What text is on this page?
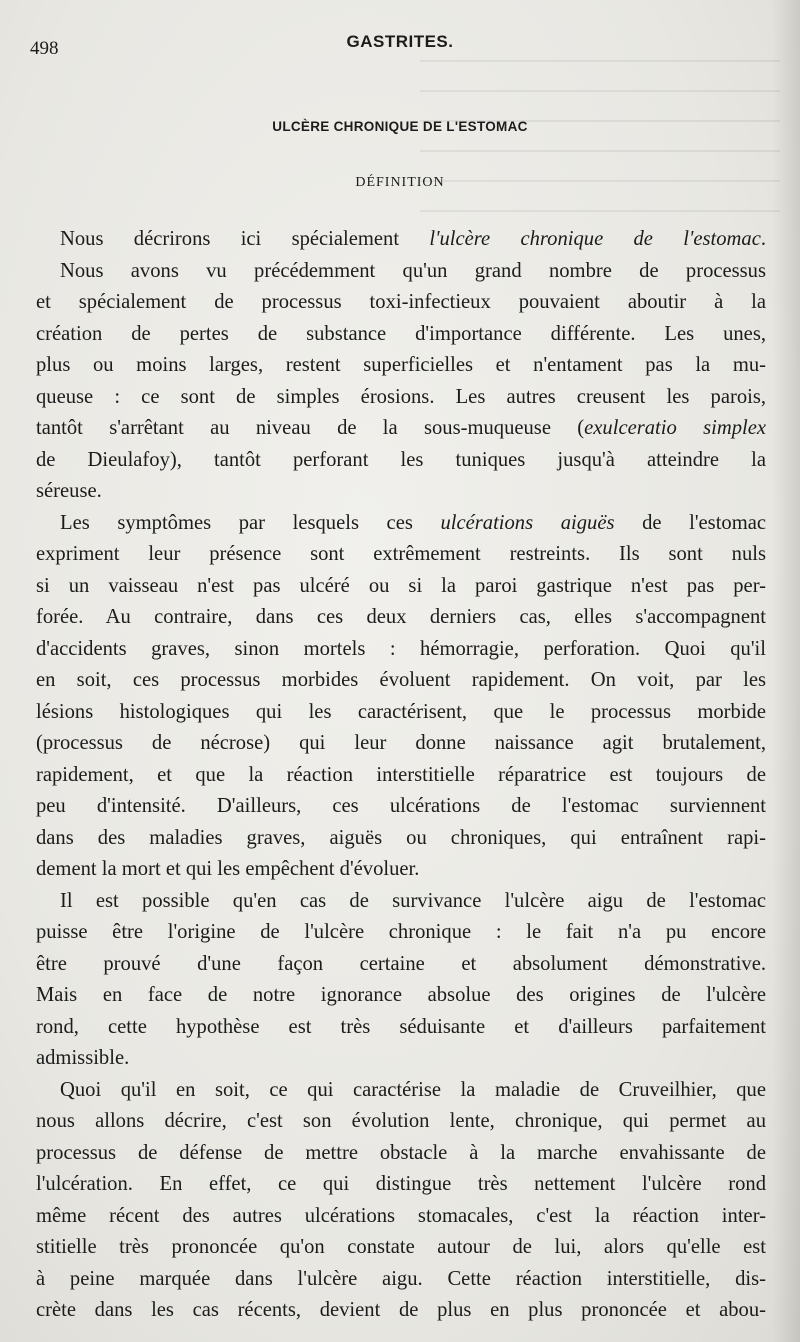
498	GASTRITES.
ULCÈRE CHRONIQUE DE L'ESTOMAC
DÉFINITION
Nous décrirons ici spécialement l'ulcère chronique de l'estomac.
Nous avons vu précédemment qu'un grand nombre de processus
et spécialement de processus toxi-infectieux pouvaient aboutir à la
création de pertes de substance d'importance différente. Les unes,
plus ou moins larges, restent superficielles et n'entament pas la mu-
queuse : ce sont de simples érosions. Les autres creusent les parois,
tantôt s'arrêtant au niveau de la sous-muqueuse (exulceratio simplex
de Dieulafoy), tantôt perforant les tuniques jusqu'à atteindre la
séreuse.
Les symptômes par lesquels ces ulcérations aiguës de l'estomac
expriment leur présence sont extrêmement restreints. Ils sont nuls
si un vaisseau n'est pas ulcéré ou si la paroi gastrique n'est pas per-
forée. Au contraire, dans ces deux derniers cas, elles s'accompagnent
d'accidents graves, sinon mortels : hémorragie, perforation. Quoi qu'il
en soit, ces processus morbides évoluent rapidement. On voit, par les
lésions histologiques qui les caractérisent, que le processus morbide
(processus de nécrose) qui leur donne naissance agit brutalement,
rapidement, et que la réaction interstitielle réparatrice est toujours de
peu d'intensité. D'ailleurs, ces ulcérations de l'estomac surviennent
dans des maladies graves, aiguës ou chroniques, qui entraînent rapi-
dement la mort et qui les empêchent d'évoluer.
Il est possible qu'en cas de survivance l'ulcère aigu de l'estomac
puisse être l'origine de l'ulcère chronique : le fait n'a pu encore
être prouvé d'une façon certaine et absolument démonstrative.
Mais en face de notre ignorance absolue des origines de l'ulcère
rond, cette hypothèse est très séduisante et d'ailleurs parfaitement
admissible.
Quoi qu'il en soit, ce qui caractérise la maladie de Cruveilhier, que
nous allons décrire, c'est son évolution lente, chronique, qui permet au
processus de défense de mettre obstacle à la marche envahissante de
l'ulcération. En effet, ce qui distingue très nettement l'ulcère rond
même récent des autres ulcérations stomacales, c'est la réaction inter-
stitielle très prononcée qu'on constate autour de lui, alors qu'elle est
à peine marquée dans l'ulcère aigu. Cette réaction interstitielle, dis-
crète dans les cas récents, devient de plus en plus prononcée et abou-
